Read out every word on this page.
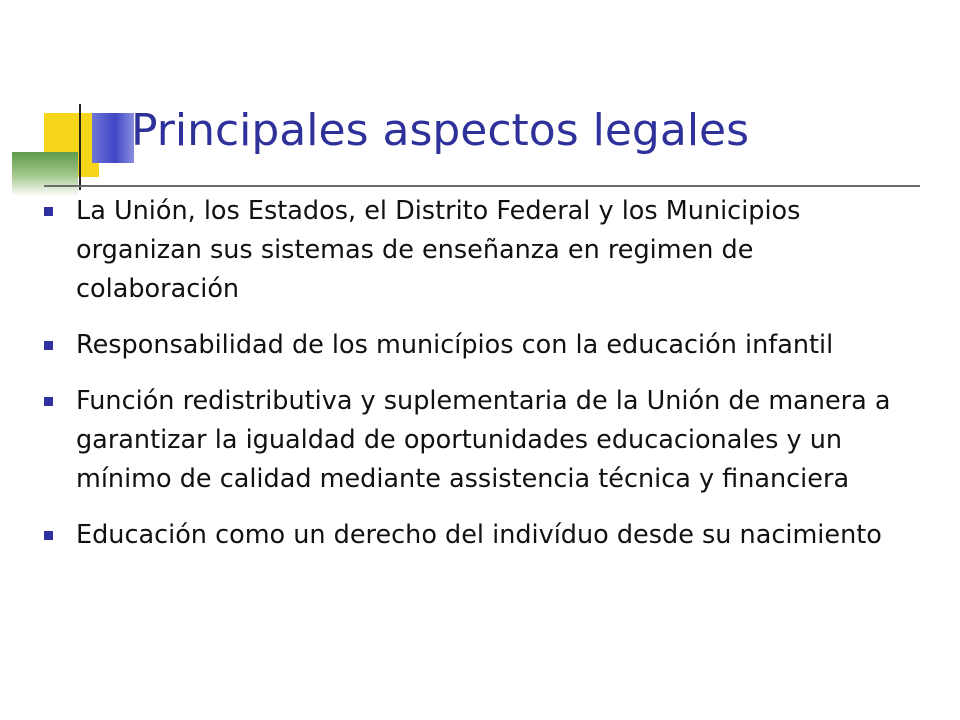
Principales aspectos legales
La Unión, los Estados, el Distrito Federal y los Municipios organizan sus sistemas de enseñanza en regimen de colaboración
Responsabilidad de los municípios con la educación infantil
Función redistributiva y suplementaria de la Unión de manera a garantizar la igualdad de oportunidades educacionales y un mínimo de calidad mediante assistencia técnica y financiera
Educación como un derecho del indivíduo desde su nacimiento
